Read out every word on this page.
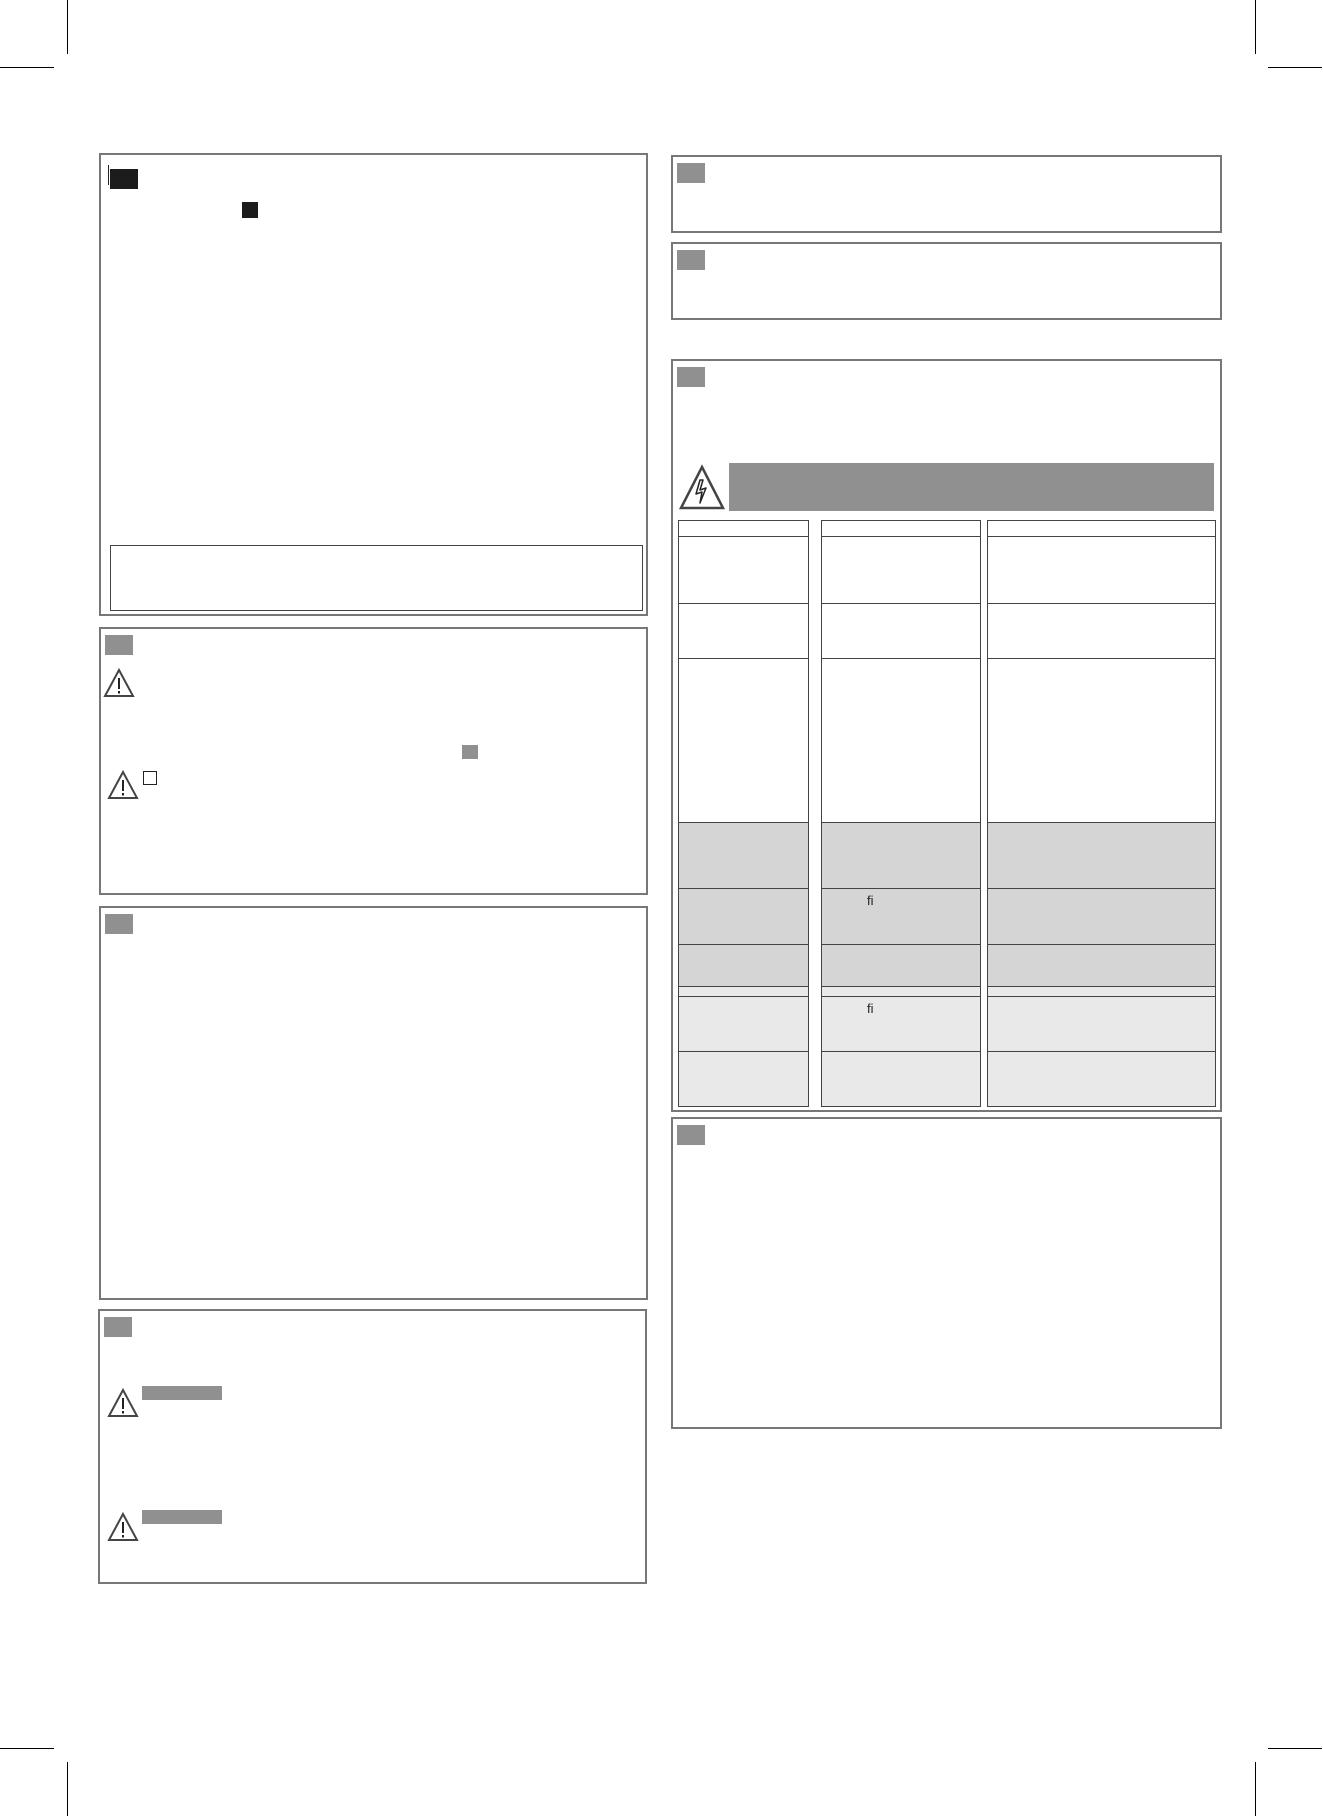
ﬁ
ﬁ
